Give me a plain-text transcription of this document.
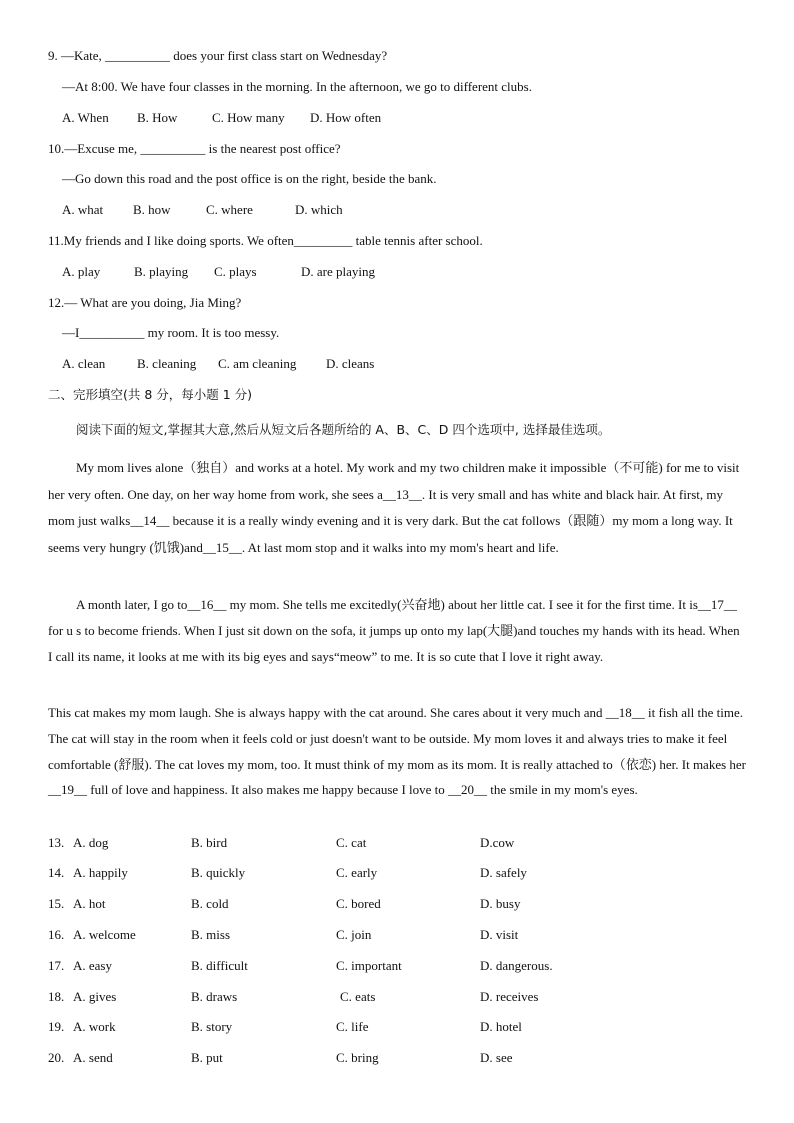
9. —Kate, __________ does your first class start on Wednesday?
—At 8:00. We have four classes in the morning. In the afternoon, we go to different clubs.
A. When B. How	C. How many D. How often
10.—Excuse me, __________ is the nearest post office?
—Go down this road and the post office is on the right, beside the bank.
A. what B. how	C. where	D. which
11.My friends and I like doing sports. We often_________ table tennis after school.
A. play	B. playing C. plays	D. are playing
12.— What are you doing, Jia Ming?
—I__________ my room. It is too messy.
A. clean B. cleaning C. am cleaning D. cleans
二、完形填空(共 8 分，每小题 1 分)
阅读下面的短文,掌握其大意,然后从短文后各题所给的 A、B、C、D 四个选项中, 选择最佳选项。
My mom lives alone（独自）and works at a hotel. My work and my two children make it impossible（不可能) for me to visit her very often. One day, on her way home from work, she sees a__13__. It is very small and has white and black hair. At first, my mom just walks__14__ because it is a really windy evening and it is very dark. But the cat follows（跟随）my mom a long way. It seems very hungry (饥饿)and__15__. At last mom stop and it walks into my mom's heart and life.
A month later, I go to__16__ my mom. She tells me excitedly(兴奋地) about her little cat. I see it for the first time. It is__17__ for u s to become friends. When I just sit down on the sofa, it jumps up onto my lap(大腿)and touches my hands with its head. When I call its name, it looks at me with its big eyes and says“meow” to me. It is so cute that I love it right away.
This cat makes my mom laugh. She is always happy with the cat around. She cares about it very much and __18__ it fish all the time. The cat will stay in the room when it feels cold or just doesn't want to be outside. My mom loves it and always tries to make it feel comfortable (舒服). The cat loves my mom, too. It must think of my mom as its mom. It is really attached to（依恋) her. It makes her __19__ full of love and happiness. It also makes me happy because I love to __20__ the smile in my mom's eyes.
13. A. dog	B. bird	C. cat	D.cow
14. A. happily	B. quickly	C. early	D. safely
15. A. hot	B. cold	C. bored	D. busy
16. A. welcome	B. miss	C. join	D. visit
17. A. easy	B. difficult	C. important	D. dangerous.
18. A. gives	B. draws	C. eats	D. receives
19. A. work	B. story	C. life	D. hotel
20. A. send	B. put	C. bring	D. see
